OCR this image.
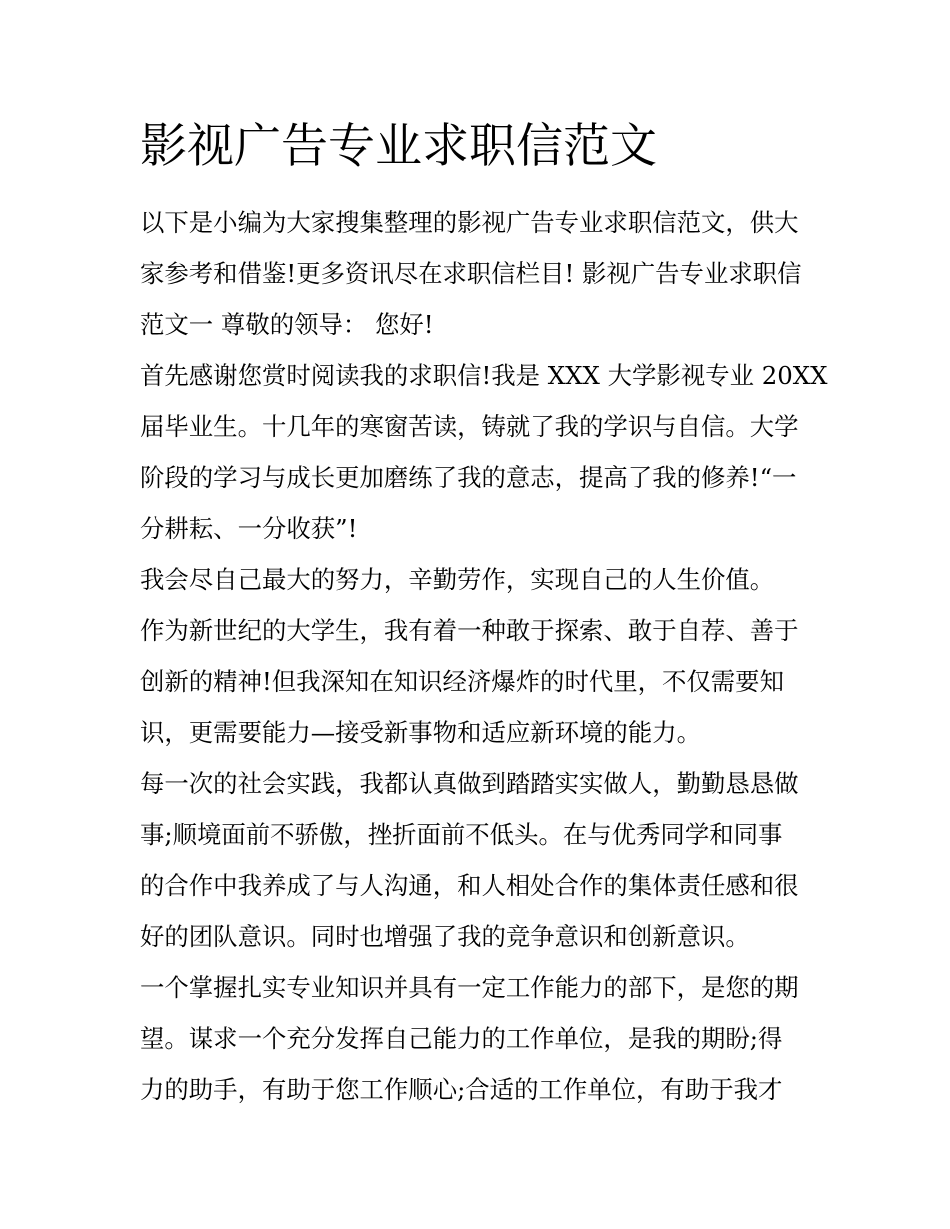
影视广告专业求职信范文
以下是小编为大家搜集整理的影视广告专业求职信范文，供大
家参考和借鉴!更多资讯尽在求职信栏目! 影视广告专业求职信
范文一 尊敬的领导： 您好!
首先感谢您赏时阅读我的求职信!我是 XXX 大学影视专业 20XX
届毕业生。十几年的寒窗苦读，铸就了我的学识与自信。大学
阶段的学习与成长更加磨练了我的意志，提高了我的修养!“一
分耕耘、一分收获”!
我会尽自己最大的努力，辛勤劳作，实现自己的人生价值。
作为新世纪的大学生，我有着一种敢于探索、敢于自荐、善于
创新的精神!但我深知在知识经济爆炸的时代里，不仅需要知
识，更需要能力—接受新事物和适应新环境的能力。
每一次的社会实践，我都认真做到踏踏实实做人，勤勤恳恳做
事;顺境面前不骄傲，挫折面前不低头。在与优秀同学和同事
的合作中我养成了与人沟通，和人相处合作的集体责任感和很
好的团队意识。同时也增强了我的竞争意识和创新意识。
一个掌握扎实专业知识并具有一定工作能力的部下，是您的期
望。谋求一个充分发挥自己能力的工作单位，是我的期盼;得
力的助手，有助于您工作顺心;合适的工作单位，有助于我才
